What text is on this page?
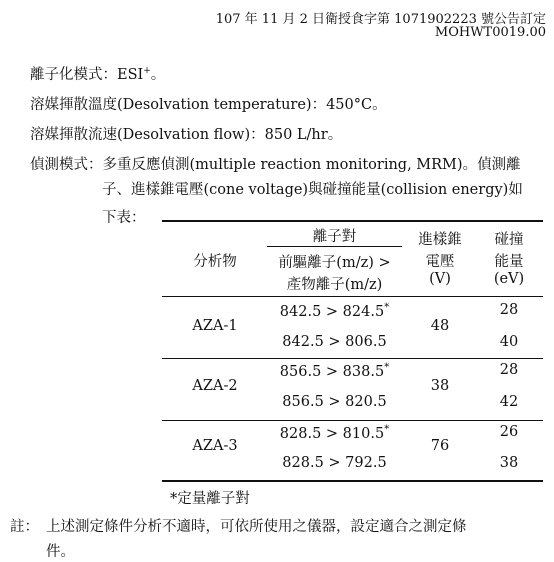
107 年 11 月 2 日衛授食字第 1071902223 號公告訂定
MOHWT0019.00
離子化模式：ESI+。
溶媒揮散溫度(Desolvation temperature)：450°C。
溶媒揮散流速(Desolvation flow)：850 L/hr。
偵測模式：多重反應偵測(multiple reaction monitoring, MRM)。偵測離
子、進樣錐電壓(cone voltage)與碰撞能量(collision energy)如
下表：
分析物
離子對
前驅離子(m/z) >
產物離子(m/z)
進樣錐
電壓
(V)
碰撞
能量
(eV)
AZA-1
842.5 > 824.5*
842.5 > 806.5
48
28
40
AZA-2
856.5 > 838.5*
856.5 > 820.5
38
28
42
AZA-3
828.5 > 810.5*
828.5 > 792.5
76
26
38
*定量離子對
註： 上述測定條件分析不適時，可依所使用之儀器，設定適合之測定條
件。
